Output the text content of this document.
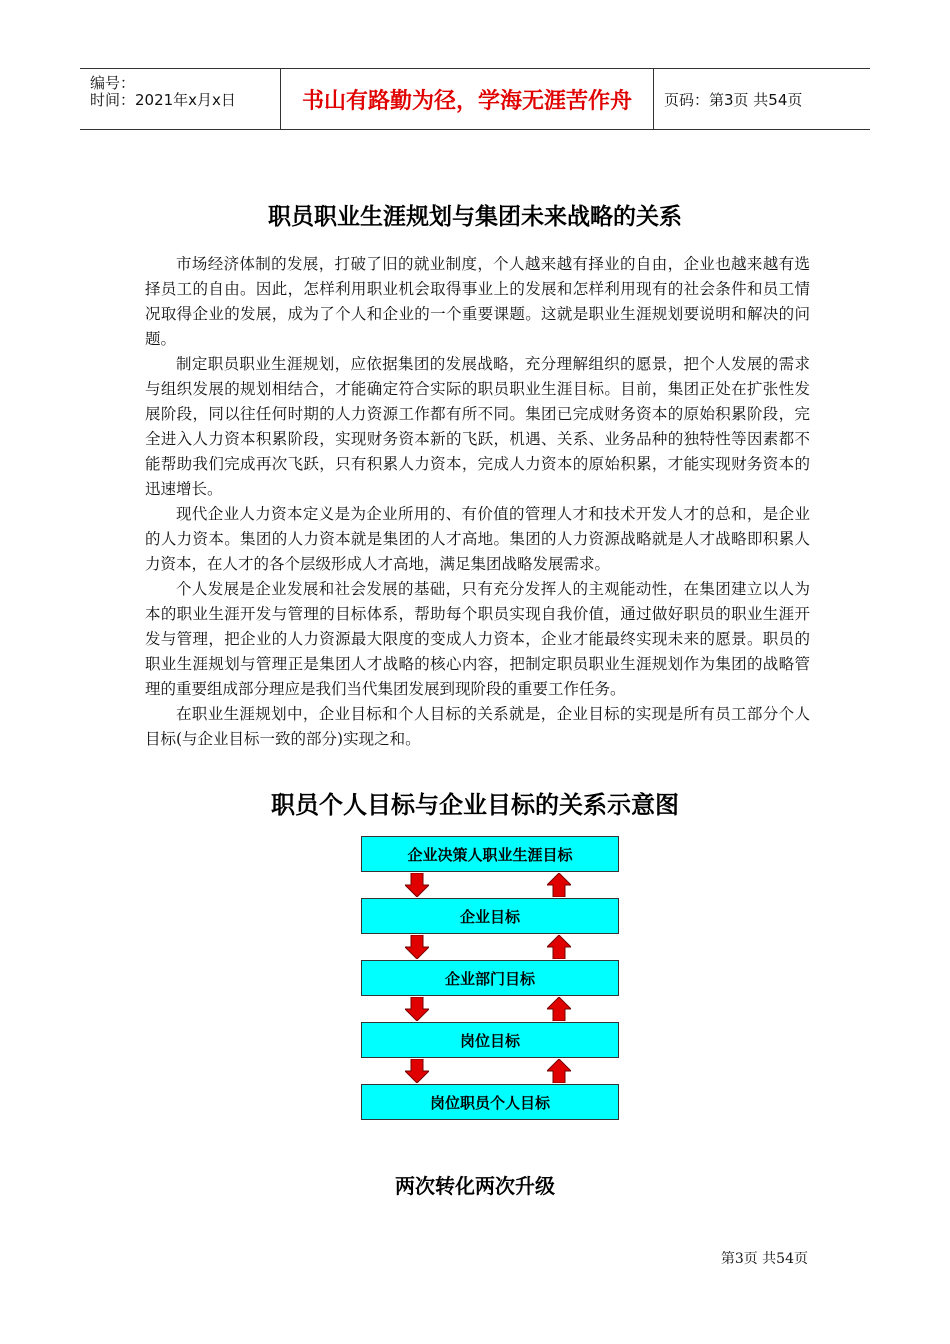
编号：
时间：2021年x月x日	书山有路勤为径，学海无涯苦作舟	页码：第3页 共54页
职员职业生涯规划与集团未来战略的关系

市场经济体制的发展，打破了旧的就业制度，个人越来越有择业的自由，企业也越来越有选择员工的自由。因此，怎样利用职业机会取得事业上的发展和怎样利用现有的社会条件和员工情况取得企业的发展，成为了个人和企业的一个重要课题。这就是职业生涯规划要说明和解决的问题。

制定职员职业生涯规划，应依据集团的发展战略，充分理解组织的愿景，把个人发展的需求与组织发展的规划相结合，才能确定符合实际的职员职业生涯目标。目前，集团正处在扩张性发展阶段，同以往任何时期的人力资源工作都有所不同。集团已完成财务资本的原始积累阶段，完全进入人力资本积累阶段，实现财务资本新的飞跃，机遇、关系、业务品种的独特性等因素都不能帮助我们完成再次飞跃，只有积累人力资本，完成人力资本的原始积累，才能实现财务资本的迅速增长。

现代企业人力资本定义是为企业所用的、有价值的管理人才和技术开发人才的总和，是企业的人力资本。集团的人力资本就是集团的人才高地。集团的人力资源战略就是人才战略即积累人力资本，在人才的各个层级形成人才高地，满足集团战略发展需求。

个人发展是企业发展和社会发展的基础，只有充分发挥人的主观能动性，在集团建立以人为本的职业生涯开发与管理的目标体系，帮助每个职员实现自我价值，通过做好职员的职业生涯开发与管理，把企业的人力资源最大限度的变成人力资本，企业才能最终实现未来的愿景。职员的职业生涯规划与管理正是集团人才战略的核心内容，把制定职员职业生涯规划作为集团的战略管理的重要组成部分理应是我们当代集团发展到现阶段的重要工作任务。

在职业生涯规划中，企业目标和个人目标的关系就是，企业目标的实现是所有员工部分个人目标(与企业目标一致的部分)实现之和。

职员个人目标与企业目标的关系示意图
企业决策人职业生涯目标
企业目标
企业部门目标
岗位目标
岗位职员个人目标
两次转化两次升级
第3页 共54页
